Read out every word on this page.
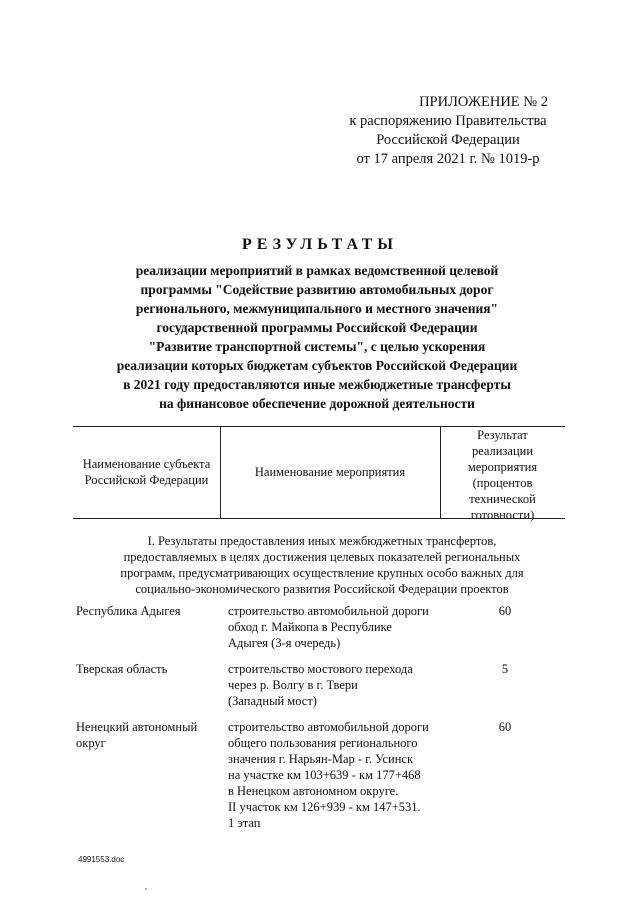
ПРИЛОЖЕНИЕ № 2
к распоряжению Правительства
Российской Федерации
от 17 апреля 2021 г. № 1019-р
РЕЗУЛЬТАТЫ
реализации мероприятий в рамках ведомственной целевой
программы "Содействие развитию автомобильных дорог
регионального, межмуниципального и местного значения"
государственной программы Российской Федерации
"Развитие транспортной системы", с целью ускорения
реализации которых бюджетам субъектов Российской Федерации
в 2021 году предоставляются иные межбюджетные трансферты
на финансовое обеспечение дорожной деятельности
Наименование субъекта
Российской Федерации
Наименование мероприятия
Результат
реализации
мероприятия
(процентов
технической
готовности)
I. Результаты предоставления иных межбюджетных трансфертов,
предоставляемых в целях достижения целевых показателей региональных
программ, предусматривающих осуществление крупных особо важных для
социально-экономического развития Российской Федерации проектов
Республика Адыгея	строительство автомобильной дороги
обход г. Майкопа в Республике
Адыгея (3-я очередь)
60
Тверская область	строительство мостового перехода
через р. Волгу в г. Твери
(Западный мост)
5
Ненецкий автономный
округ
строительство автомобильной дороги
общего пользования регионального
значения г. Нарьян-Мар - г. Усинск
на участке км 103+639 - км 177+468
в Ненецком автономном округе.
II участок км 126+939 - км 147+531.
1 этап
60
4991553.doc
